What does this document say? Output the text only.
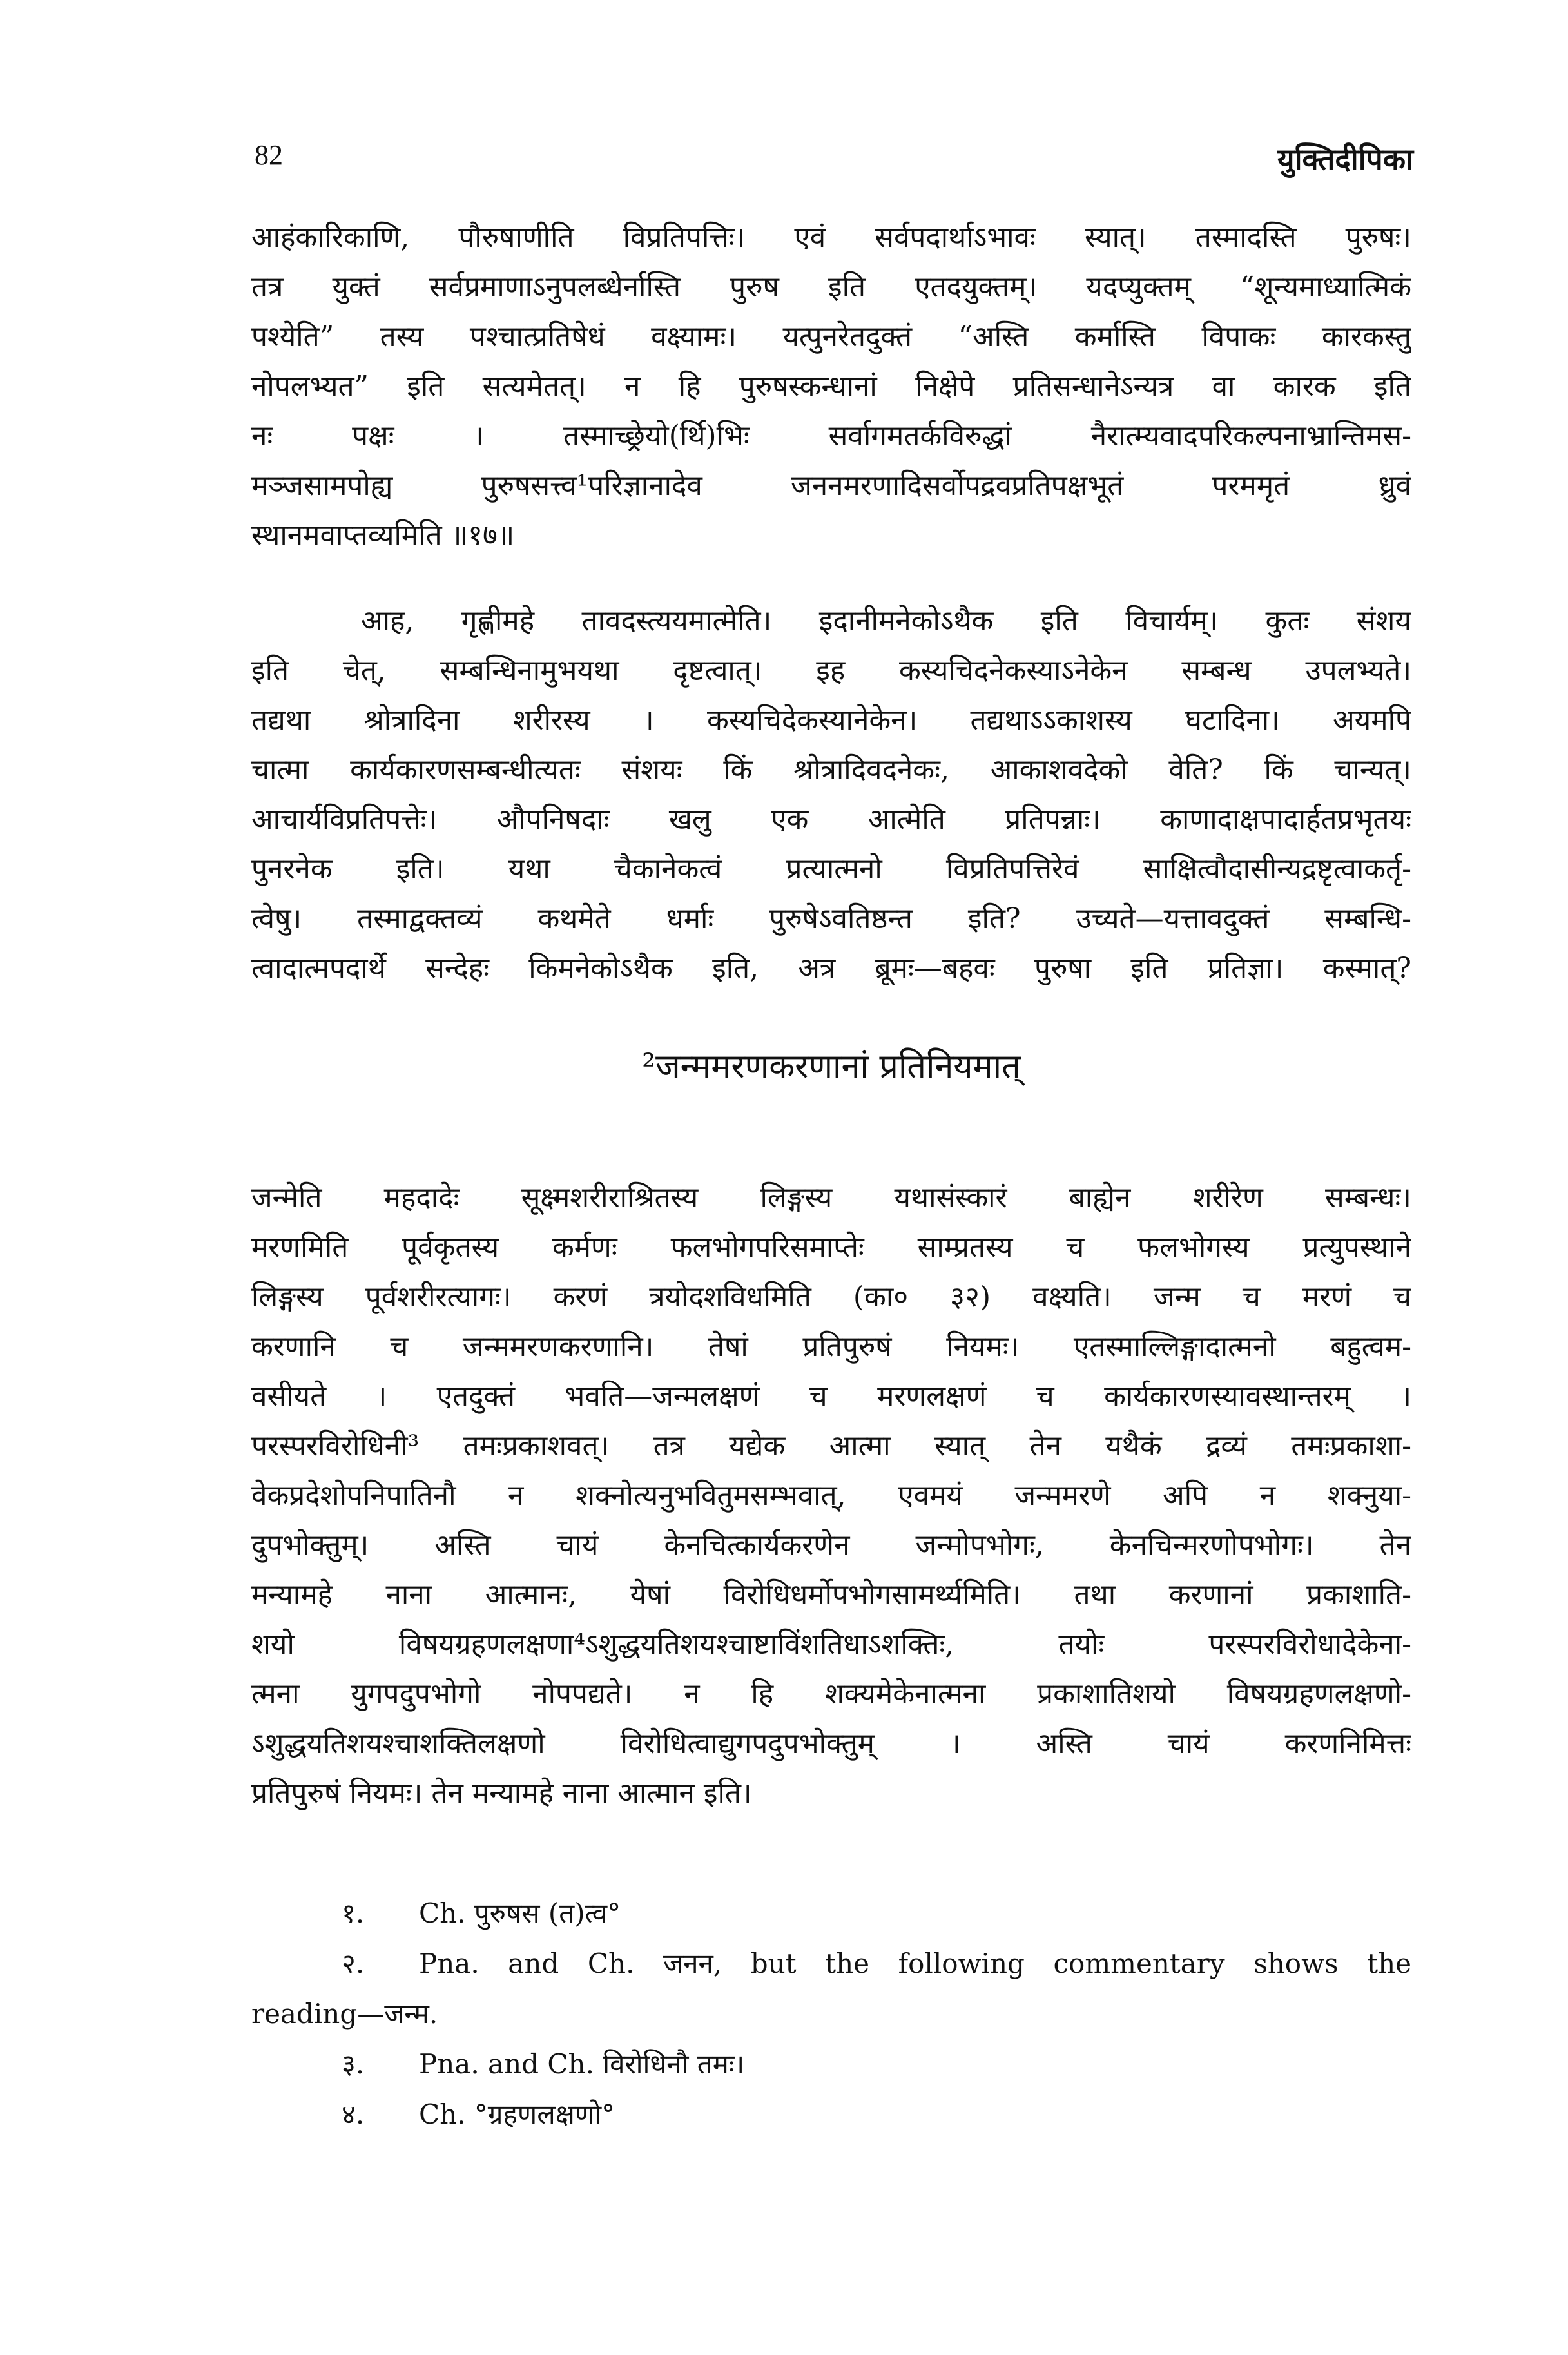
82	युक्तिदीपिका
आहंकारिकाणि, पौरुषाणीति विप्रतिपत्तिः। एवं सर्वपदार्थाऽभावः स्यात्। तस्मादस्ति पुरुषः।
तत्र युक्तं सर्वप्रमाणाऽनुपलब्धेर्नास्ति पुरुष इति एतदयुक्तम्। यदप्युक्तम् “शून्यमाध्यात्मिकं
पश्येति” तस्य पश्चात्प्रतिषेधं वक्ष्यामः। यत्पुनरेतदुक्तं “अस्ति कर्मास्ति विपाकः कारकस्तु
नोपलभ्यत” इति सत्यमेतत्। न हि पुरुषस्कन्धानां निक्षेपे प्रतिसन्धानेऽन्यत्र वा कारक इति
नः पक्षः । तस्माच्छ्रेयो(र्थि)भिः सर्वागमतर्कविरुद्धां नैरात्म्यवादपरिकल्पनाभ्रान्तिमस-
मञ्जसामपोह्य पुरुषसत्त्व¹परिज्ञानादेव जननमरणादिसर्वोपद्रवप्रतिपक्षभूतं परममृतं ध्रुवं
स्थानमवाप्तव्यमिति ॥१७॥
आह, गृह्णीमहे तावदस्त्ययमात्मेति। इदानीमनेकोऽथैक इति विचार्यम्। कुतः संशय
इति चेत्, सम्बन्धिनामुभयथा दृष्टत्वात्। इह कस्यचिदनेकस्याऽनेकेन सम्बन्ध उपलभ्यते।
तद्यथा श्रोत्रादिना शरीरस्य । कस्यचिदेकस्यानेकेन। तद्यथाऽऽकाशस्य घटादिना। अयमपि
चात्मा कार्यकारणसम्बन्धीत्यतः संशयः किं श्रोत्रादिवदनेकः, आकाशवदेको वेति? किं चान्यत्।
आचार्यविप्रतिपत्तेः। औपनिषदाः खलु एक आत्मेति प्रतिपन्नाः। काणादाक्षपादार्हतप्रभृतयः
पुनरनेक इति। यथा चैकानेकत्वं प्रत्यात्मनो विप्रतिपत्तिरेवं साक्षित्वौदासीन्यद्रष्टृत्वाकर्तृ-
त्वेषु। तस्माद्वक्तव्यं कथमेते धर्माः पुरुषेऽवतिष्ठन्त इति? उच्यते—यत्तावदुक्तं सम्बन्धि-
त्वादात्मपदार्थे सन्देहः किमनेकोऽथैक इति, अत्र ब्रूमः—बहवः पुरुषा इति प्रतिज्ञा। कस्मात्?
²जन्ममरणकरणानां प्रतिनियमात्
जन्मेति महदादेः सूक्ष्मशरीराश्रितस्य लिङ्गस्य यथासंस्कारं बाह्येन शरीरेण सम्बन्धः।
मरणमिति पूर्वकृतस्य कर्मणः फलभोगपरिसमाप्तेः साम्प्रतस्य च फलभोगस्य प्रत्युपस्थाने
लिङ्गस्य पूर्वशरीरत्यागः। करणं त्रयोदशविधमिति (का० ३२) वक्ष्यति। जन्म च मरणं च
करणानि च जन्ममरणकरणानि। तेषां प्रतिपुरुषं नियमः। एतस्माल्लिङ्गादात्मनो बहुत्वम-
वसीयते । एतदुक्तं भवति—जन्मलक्षणं च मरणलक्षणं च कार्यकारणस्यावस्थान्तरम् ।
परस्परविरोधिनी³ तमःप्रकाशवत्। तत्र यद्येक आत्मा स्यात् तेन यथैकं द्रव्यं तमःप्रकाशा-
वेकप्रदेशोपनिपातिनौ न शक्नोत्यनुभवितुमसम्भवात्, एवमयं जन्ममरणे अपि न शक्नुया-
दुपभोक्तुम्। अस्ति चायं केनचित्कार्यकरणेन जन्मोपभोगः, केनचिन्मरणोपभोगः। तेन
मन्यामहे नाना आत्मानः, येषां विरोधिधर्मोपभोगसामर्थ्यमिति। तथा करणानां प्रकाशाति-
शयो विषयग्रहणलक्षणा⁴ऽशुद्धयतिशयश्चाष्टाविंशतिधाऽशक्तिः, तयोः परस्परविरोधादेकेना-
त्मना युगपदुपभोगो नोपपद्यते। न हि शक्यमेकेनात्मना प्रकाशातिशयो विषयग्रहणलक्षणो-
ऽशुद्धयतिशयश्चाशक्तिलक्षणो विरोधित्वाद्युगपदुपभोक्तुम् । अस्ति चायं करणनिमित्तः
प्रतिपुरुषं नियमः। तेन मन्यामहे नाना आत्मान इति।
१. Ch. पुरुषस (त)त्व°
२. Pna. and Ch. जनन, but the following commentary shows the
reading—जन्म.
३. Pna. and Ch. विरोधिनौ तमः।
४. Ch. °ग्रहणलक्षणो°
